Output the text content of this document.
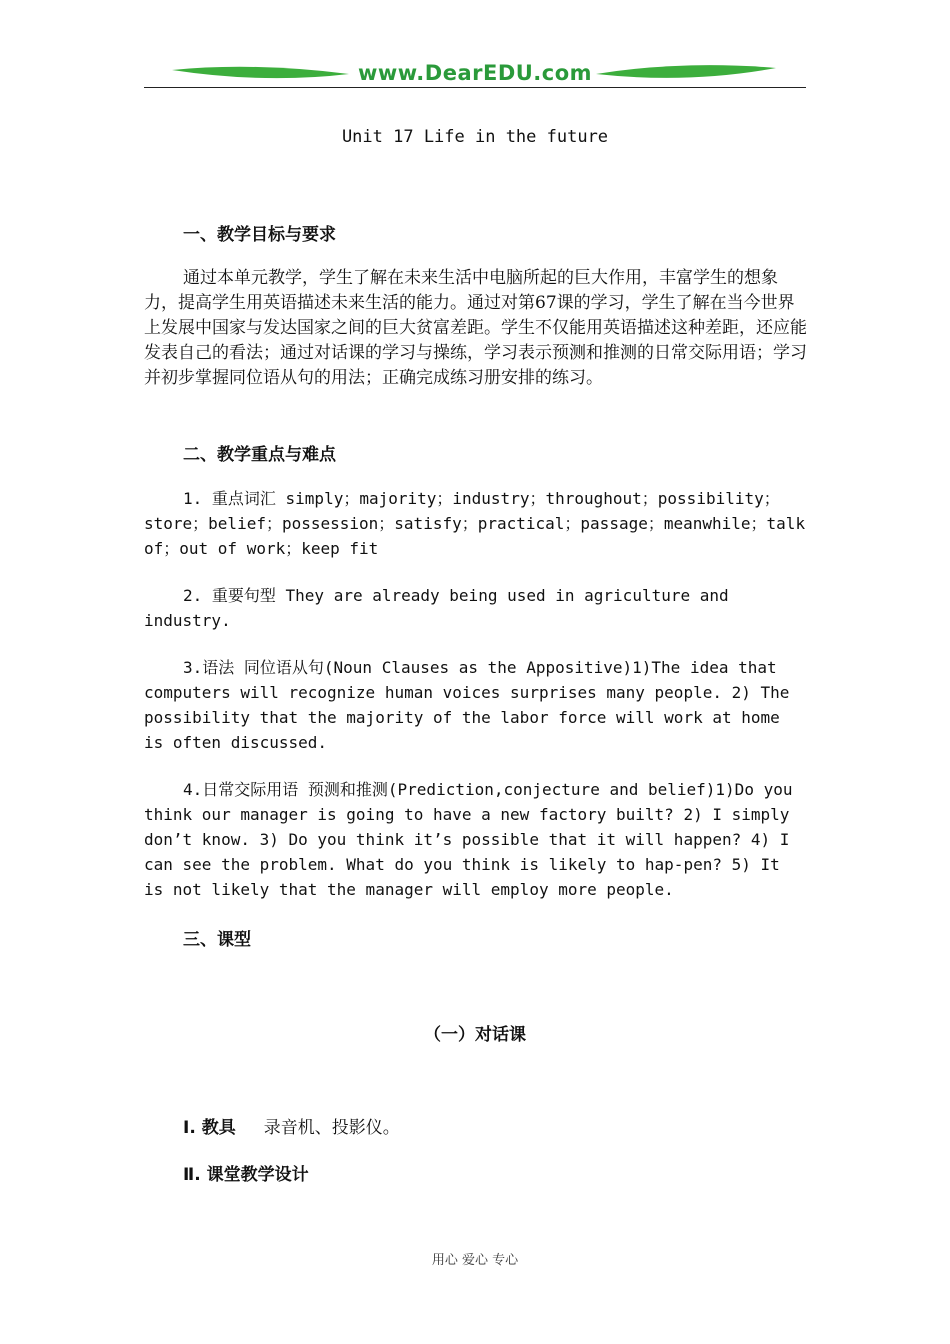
www.DearEDU.com
Unit 17 Life in the future
一、教学目标与要求
通过本单元教学，学生了解在未来生活中电脑所起的巨大作用，丰富学生的想象力，提高学生用英语描述未来生活的能力。通过对第67课的学习，学生了解在当今世界上发展中国家与发达国家之间的巨大贫富差距。学生不仅能用英语描述这种差距，还应能发表自己的看法；通过对话课的学习与操练，学习表示预测和推测的日常交际用语；学习并初步掌握同位语从句的用法；正确完成练习册安排的练习。
二、教学重点与难点
1. 重点词汇 simply；majority；industry；throughout；possibility；store；belief；possession；satisfy；practical；passage；meanwhile；talk of；out of work；keep fit
2. 重要句型 They are already being used in agriculture and industry.
3.语法 同位语从句(Noun Clauses as the Appositive)1)The idea that computers will recognize human voices surprises many people. 2) The possibility that the majority of the labor force will work at home is often discussed.
4.日常交际用语 预测和推测(Prediction,conjecture and belief)1)Do you think our manager is going to have a new factory built? 2) I simply don’t know. 3) Do you think it’s possible that it will happen? 4) I can see the problem. What do you think is likely to hap-pen? 5) It is not likely that the manager will employ more people.
三、课型
（一）对话课
Ⅰ. 教具 录音机、投影仪。
Ⅱ. 课堂教学设计
用心 爱心 专心
